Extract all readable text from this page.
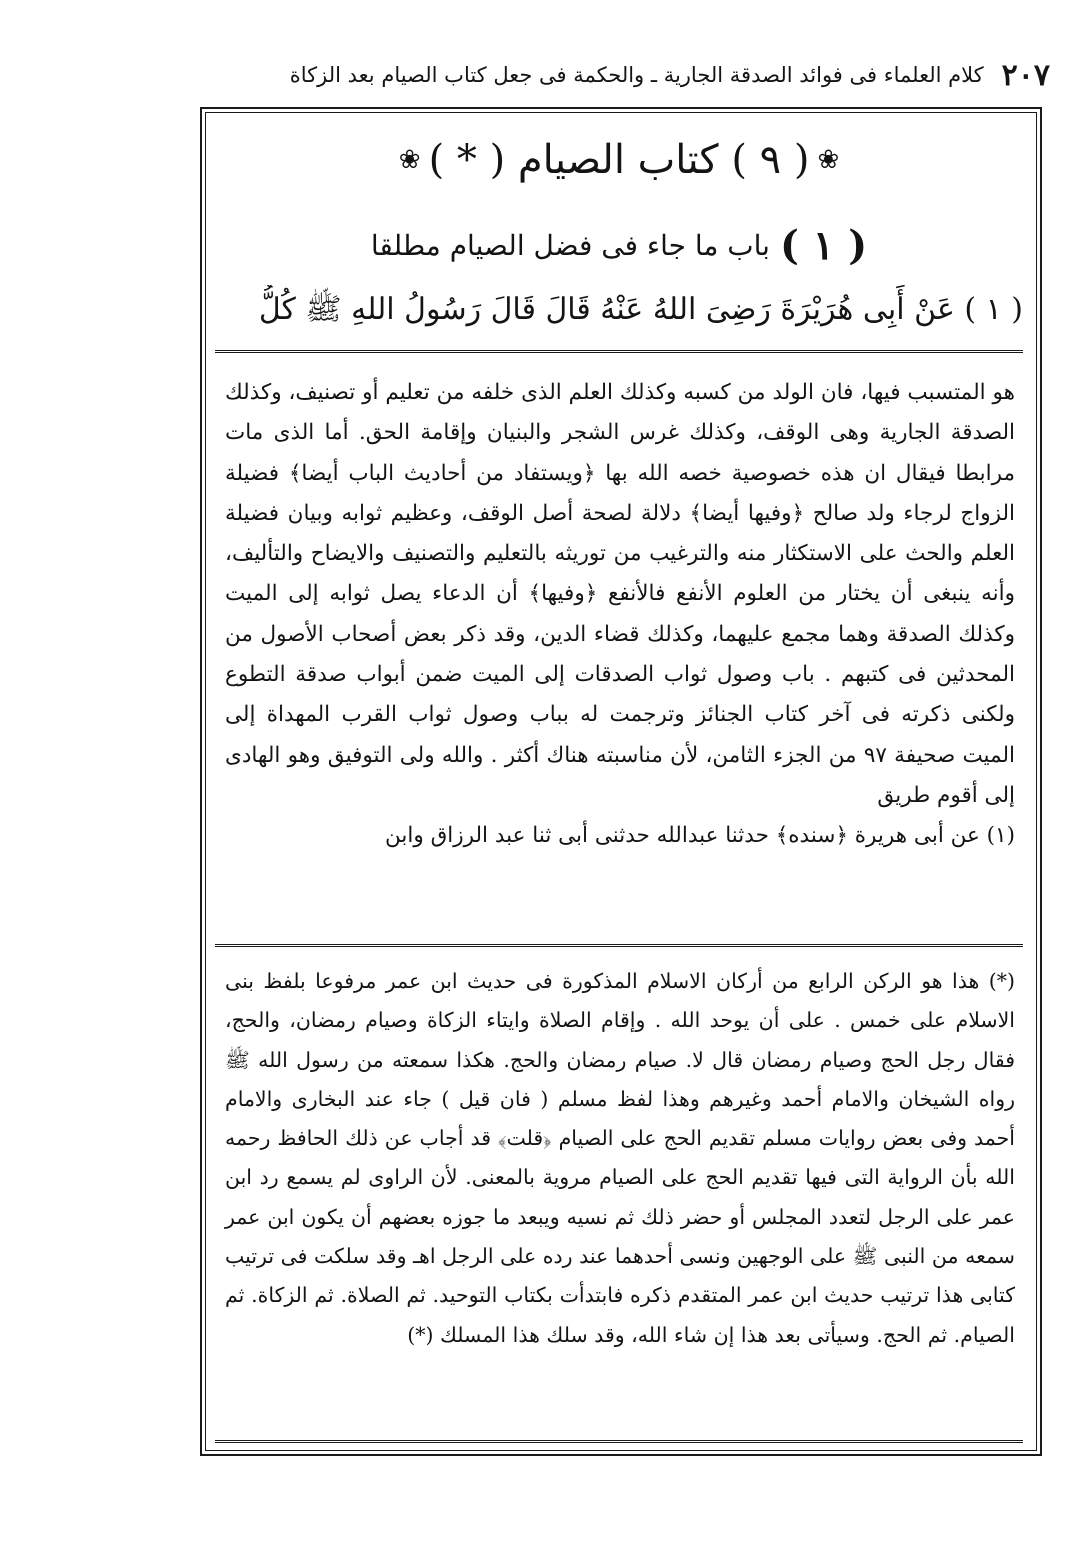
٢٠٧
كلام العلماء فى فوائد الصدقة الجارية ـ والحكمة فى جعل كتاب الصيام بعد الزكاة
❀
( ٩ ) كتاب الصيام ( * )
❀
( ١ )
باب ما جاء فى فضل الصيام مطلقا
( ١ ) عَنْ أَبِى هُرَيْرَةَ رَضِىَ اللهُ عَنْهُ قَالَ قَالَ رَسُولُ اللهِ ﷺ كُلُّ

هو المتسبب فيها، فان الولد من كسبه وكذلك العلم الذى خلفه من تعليم أو تصنيف، وكذلك الصدقة الجارية وهى الوقف، وكذلك غرس الشجر والبنيان وإقامة الحق. أما الذى مات مرابطا فيقال ان هذه خصوصية خصه الله بها ﴿ويستفاد من أحاديث الباب أيضا﴾ فضيلة الزواج لرجاء ولد صالح ﴿وفيها أيضا﴾ دلالة لصحة أصل الوقف، وعظيم ثوابه وبيان فضيلة العلم والحث على الاستكثار منه والترغيب من توريثه بالتعليم والتصنيف والايضاح والتأليف، وأنه ينبغى أن يختار من العلوم الأنفع فالأنفع ﴿وفيها﴾ أن الدعاء يصل ثوابه إلى الميت وكذلك الصدقة وهما مجمع عليهما، وكذلك قضاء الدين، وقد ذكر بعض أصحاب الأصول من المحدثين فى كتبهم . باب وصول ثواب الصدقات إلى الميت ضمن أبواب صدقة التطوع ولكنى ذكرته فى آخر كتاب الجنائز وترجمت له بباب وصول ثواب القرب المهداة إلى الميت صحيفة ٩٧ من الجزء الثامن، لأن مناسبته هناك أكثر . والله ولى التوفيق وهو الهادى إلى أقوم طريق

(١) عن أبى هريرة ﴿سنده﴾ حدثنا عبدالله حدثنى أبى ثنا عبد الرزاق وابن

(*) هذا هو الركن الرابع من أركان الاسلام المذكورة فى حديث ابن عمر مرفوعا بلفظ بنى الاسلام على خمس . على أن يوحد الله . وإقام الصلاة وايتاء الزكاة وصيام رمضان، والحج، فقال رجل الحج وصيام رمضان قال لا. صيام رمضان والحج. هكذا سمعته من رسول الله ﷺ رواه الشيخان والامام أحمد وغيرهم وهذا لفظ مسلم ( فان قيل ) جاء عند البخارى والامام أحمد وفى بعض روايات مسلم تقديم الحج على الصيام ﴿قلت﴾ قد أجاب عن ذلك الحافظ رحمه الله بأن الرواية التى فيها تقديم الحج على الصيام مروية بالمعنى. لأن الراوى لم يسمع رد ابن عمر على الرجل لتعدد المجلس أو حضر ذلك ثم نسيه ويبعد ما جوزه بعضهم أن يكون ابن عمر سمعه من النبى ﷺ على الوجهين ونسى أحدهما عند رده على الرجل اهـ وقد سلكت فى ترتيب كتابى هذا ترتيب حديث ابن عمر المتقدم ذكره فابتدأت بكتاب التوحيد. ثم الصلاة. ثم الزكاة. ثم الصيام. ثم الحج. وسيأتى بعد هذا إن شاء الله، وقد سلك هذا المسلك (*)
